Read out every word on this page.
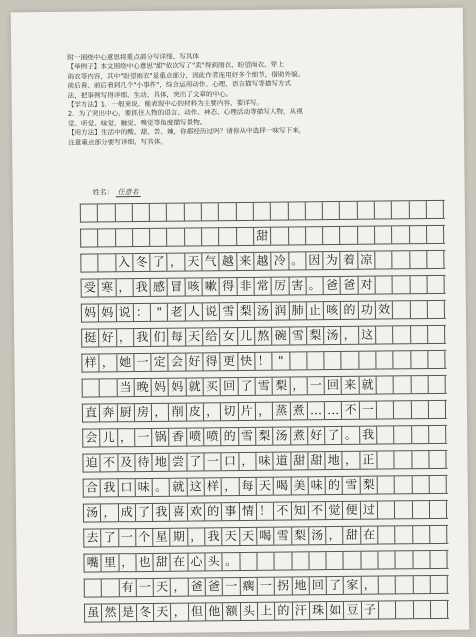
附一围绕中心意思将重点部分写详细、写具体
【举例子】本文围绕中心意思"甜"依次写了"卖"得到雨衣、盼望雨衣、穿上
雨衣等内容，其中"盼望雨衣"是重点部分，因此作者连用好多个细节，借助外貌、
前后看、前后看到几个"小事件"，综合运用动作、心理、语言描写等描写方式
法，把事例写得详细、生动、具体，突出了文章的中心。
【学方法】1．一般来说，能表现中心的材料为主要内容，要详写。
2．为了突出中心，要抓住人物的语言、动作、神态、心理活动等描写人物，从视
觉、听觉、味觉、触觉、嗅觉等角度描写景物。
【用方法】生活中的酸、甜、苦、辣，你都经历过吗？请你从中选择一味写下来，
注意重点部分要写详细、写具体。
姓名： 任意名
甜
入 冬 了 ， 天 气 越 来 越 冷 。 因 为 着 凉
受 寒 ， 我 感 冒 咳 嗽 得 非 常 厉 害 。 爸 爸 对
妈 妈 说 ： " 老 人 说 雪 梨 汤 润 肺 止 咳 的 功 效
挺 好 ， 我 们 每 天 给 女 儿 熬 碗 雪 梨 汤 ， 这
样 ， 她 一 定 会 好 得 更 快 ！ "
当 晚 妈 妈 就 买 回 了 雪 梨 ， 一 回 来 就
直 奔 厨 房 ， 削 皮 ， 切 片 ， 蒸 煮 … … 不 一
会 儿 ， 一 锅 香 喷 喷 的 雪 梨 汤 煮 好 了 。 我
迫 不 及 待 地 尝 了 一 口 ， 味 道 甜 甜 地 ， 正
合 我 口 味 。 就 这 样 ， 每 天 喝 美 味 的 雪 梨
汤 ， 成 了 我 喜 欢 的 事 情 ！ 不 知 不 觉 便 过
去 了 一 个 星 期 ， 我 天 天 喝 雪 梨 汤 ， 甜 在
嘴 里 ， 也 甜 在 心 头 。
有 一 天 ， 爸 爸 一 瘸 一 拐 地 回 了 家 ，
虽 然 是 冬 天 ， 但 他 额 头 上 的 汗 珠 如 豆 子
